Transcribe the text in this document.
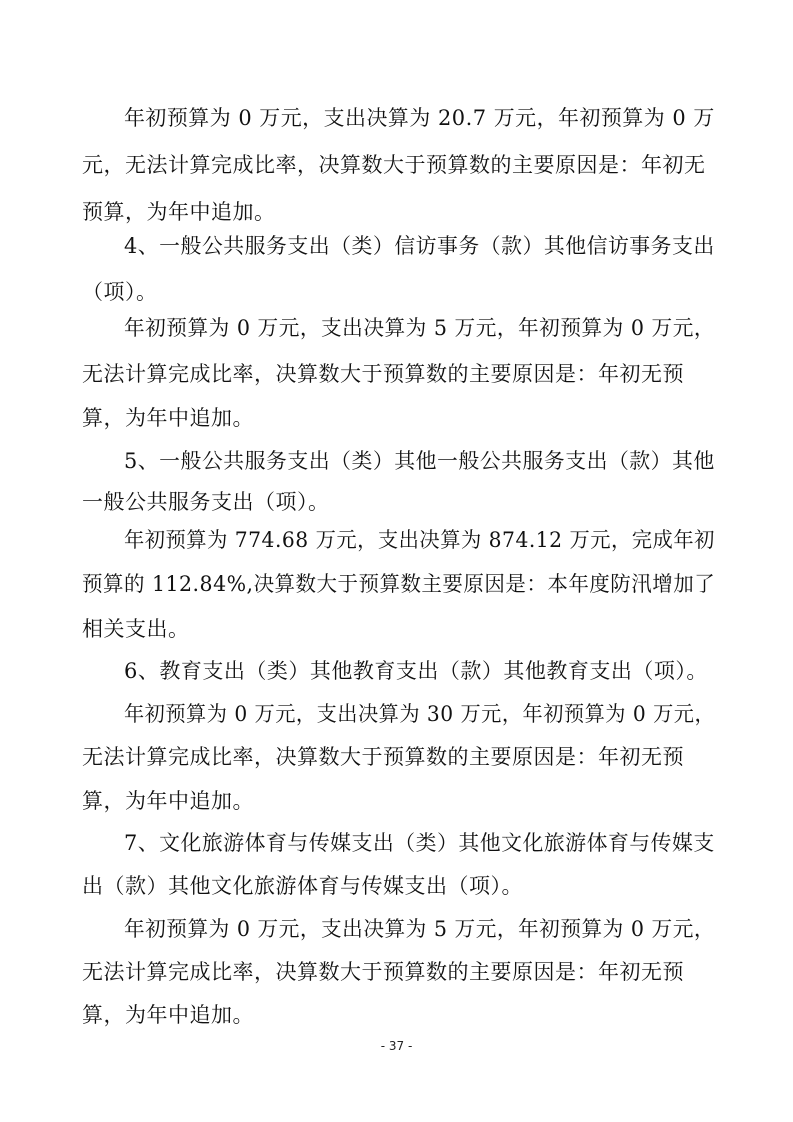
年初预算为 0 万元，支出决算为 20.7 万元，年初预算为 0 万
元，无法计算完成比率，决算数大于预算数的主要原因是：年初无
预算，为年中追加。
4、一般公共服务支出（类）信访事务（款）其他信访事务支出
（项）。
年初预算为 0 万元，支出决算为 5 万元，年初预算为 0 万元，
无法计算完成比率，决算数大于预算数的主要原因是：年初无预
算，为年中追加。
5、一般公共服务支出（类）其他一般公共服务支出（款）其他
一般公共服务支出（项）。
年初预算为 774.68 万元，支出决算为 874.12 万元，完成年初
预算的 112.84%,决算数大于预算数主要原因是：本年度防汛增加了
相关支出。
6、教育支出（类）其他教育支出（款）其他教育支出（项）。
年初预算为 0 万元，支出决算为 30 万元，年初预算为 0 万元，
无法计算完成比率，决算数大于预算数的主要原因是：年初无预
算，为年中追加。
7、文化旅游体育与传媒支出（类）其他文化旅游体育与传媒支
出（款）其他文化旅游体育与传媒支出（项）。
年初预算为 0 万元，支出决算为 5 万元，年初预算为 0 万元，
无法计算完成比率，决算数大于预算数的主要原因是：年初无预
算，为年中追加。
- 37 -
